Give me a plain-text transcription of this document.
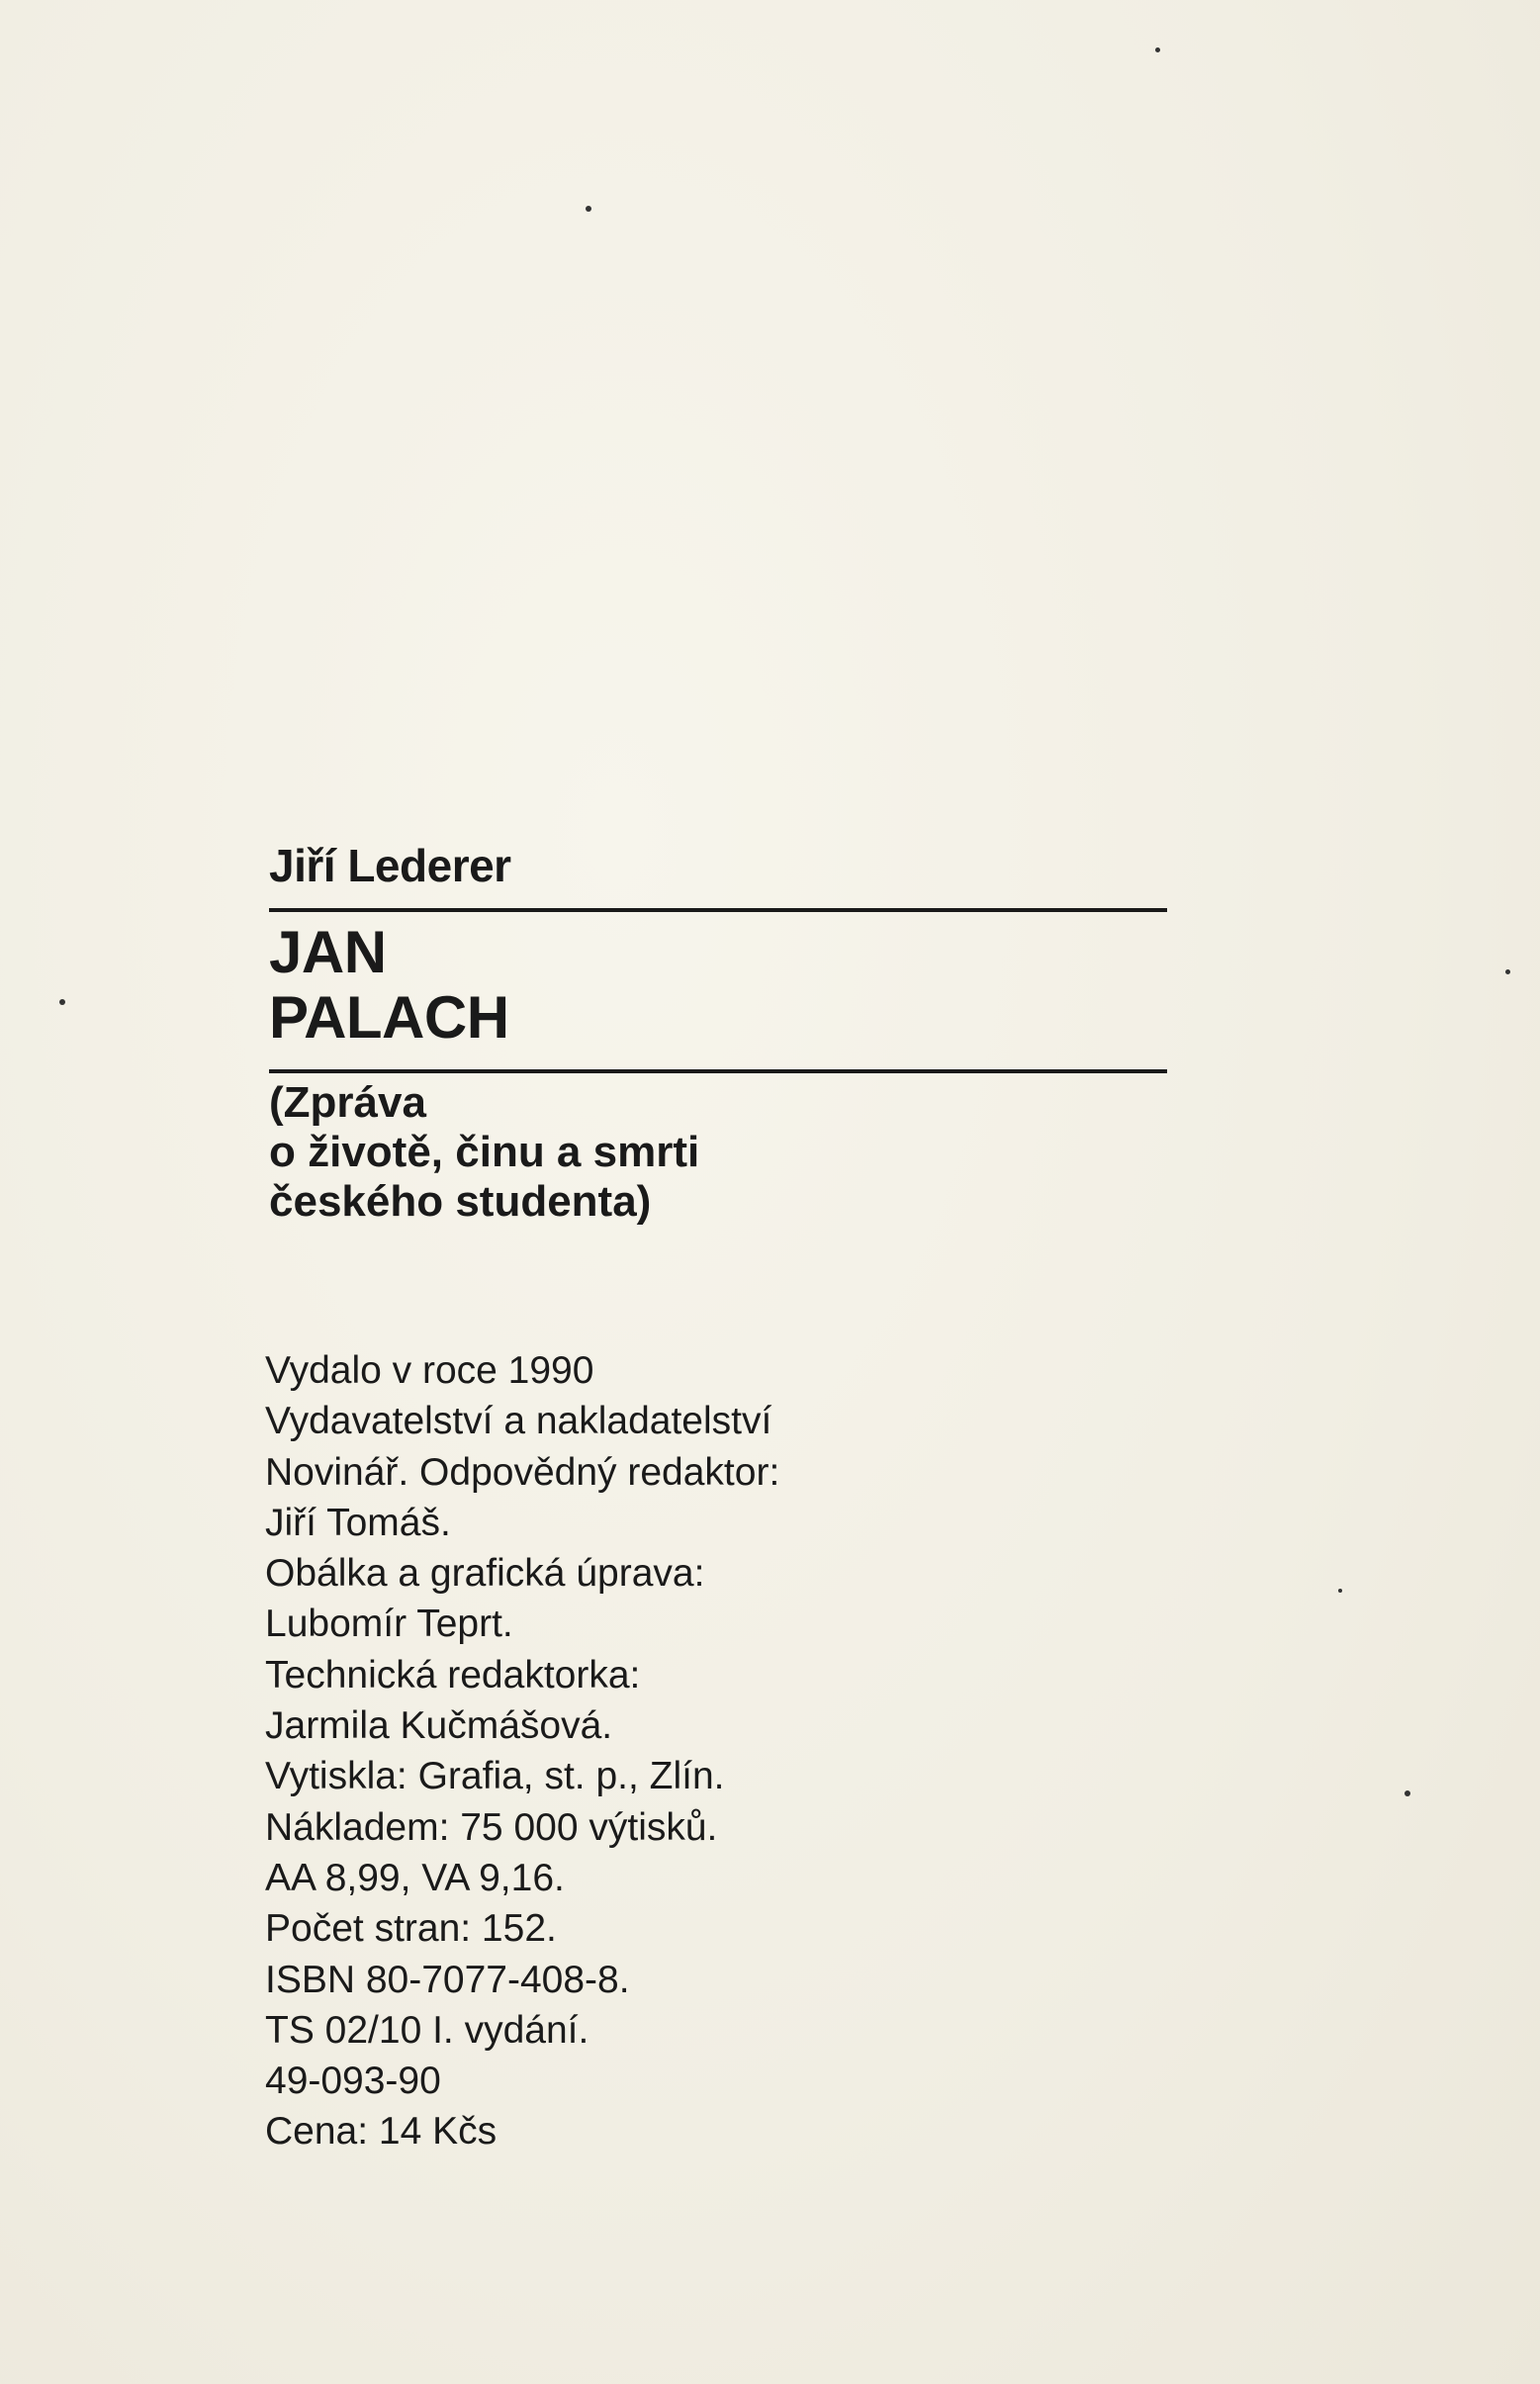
Jiří Lederer
JAN
PALACH
(Zpráva
o životě, činu a smrti
českého studenta)
Vydalo v roce 1990
Vydavatelství a nakladatelství
Novinář. Odpovědný redaktor:
Jiří Tomáš.
Obálka a grafická úprava:
Lubomír Teprt.
Technická redaktorka:
Jarmila Kučmášová.
Vytiskla: Grafia, st. p., Zlín.
Nákladem: 75 000 výtisků.
AA 8,99, VA 9,16.
Počet stran: 152.
ISBN 80-7077-408-8.
TS 02/10 I. vydání.
49-093-90
Cena: 14 Kčs
